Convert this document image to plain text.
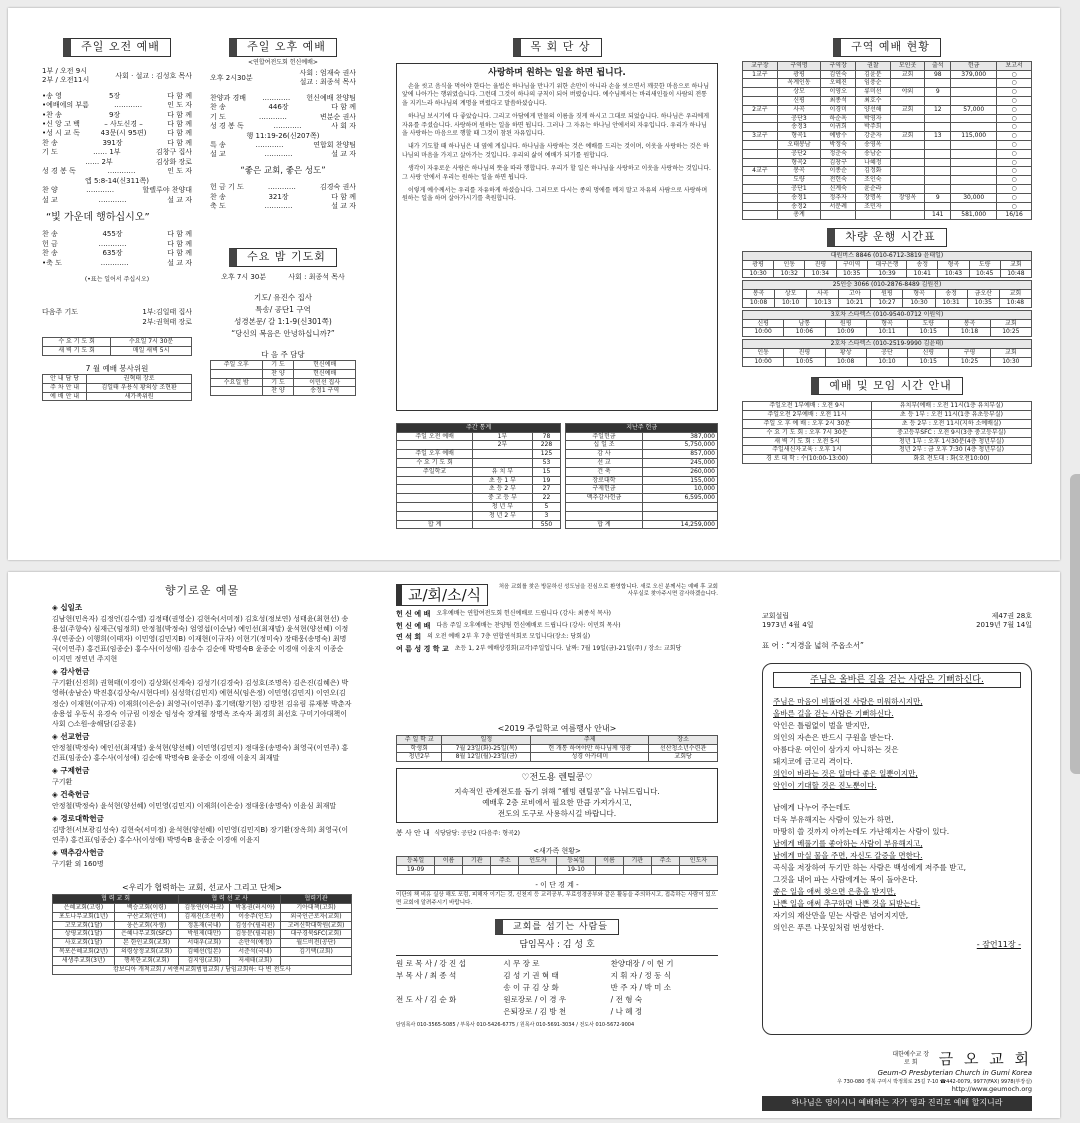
주일 오전 예배
1부 / 오전 9시
2부 / 오전11시
사회 · 설교 : 김성호 목사
•송 영	5장	다 함 께
•예배에의 부름	…………	인 도 자
•찬 송	9장	다 함 께
•신 앙 고 백	– 사도신경 –	다 함 께
•성 시 교 독	43문(시 95편)	다 함 께
찬 송	391장	다 함 께
기 도	…… 1부	김창구 집사
…… 2부	김상화 장로
성 경 봉 독	…………	인 도 자
엡 5:8-14(신311쪽)
찬 양	…………	할렐루야 찬양대
설 교	…………	설 교 자
“빛 가운데 행하십시오”
찬 송	455장	다 함 께
헌 금	…………	다 함 께
찬 송	635장	다 함 께
•축 도	…………	설 교 자
(•표는 일어서 주십시오)
다음주 기도	1부:김일태 집사
2부:권혁태 장로
수 요 기 도 회	수요일 7시 30분
새 벽 기 도 회	매일 새벽 5시
7 월 예배 봉사위원
안 내 담 당	권혁태 장로
주 차 안 내	김일태 우용식 황의상 조현환
예 배 안 내	새가족위원
주일 오후 예배
<연합여전도회 헌신예배>
오후 2시30분
사회 : 엄재숙 권사
설교 : 최종석 목사
찬양과 경배 ………… 헌신예배 찬양팀
찬 송	446장	다 함 께
기 도	…………	변분순 권사
성 경 봉 독	…………	사 회 자
행 11:19-26(신207쪽)
특 송	…………	연합회 찬양팀
설 교	…………	설 교 자
“좋은 교회, 좋은 성도”
헌 금 기 도	…………	김경숙 권사
찬 송	321장	다 함 께
축 도	…………	설 교 자
수요 밤 기도회
오후 7시 30분	사회 : 최종석 목사
기도/ 유진수 집사
특송/ 공단1 구역
성경본문/ 갈 1:1-9(신301쪽)
“당신의 복음은 안녕하십니까?”
다 음 주 담당
주일 오후	기 도	헌신예배
	찬 양	헌신예배
수요일 밤	기 도	이민선 집사
	찬 양	송정1 구역
목 회 단 상
사랑하며 원하는 일을 하면 됩니다.

손을 씻고 음식을 먹어야 한다는 율법은 하나님을 만나기 위한 손만이 아니라 손을 씻으면서 깨끗한 마음으로 하나님 앞에 나아가는 행위였습니다. 그런데 그것이 하나의 규칙이 되어 버렸습니다. 예수님께서는 바리새인들이 사람의 전통을 지키느라 하나님의 계명을 버렸다고 말씀하셨습니다.

하나님 보시기에 다 좋았습니다. 그리고 아담에게 만물의 이름을 짓게 하시고 그대로 되었습니다. 하나님은 우리에게 자유를 주셨습니다. 사랑하며 원하는 일을 하면 됩니다. 그러나 그 자유는 하나님 안에서의 자유입니다. 우리가 하나님을 사랑하는 마음으로 행할 때 그것이 참된 자유입니다.

내가 기도할 때 하나님은 내 옆에 계십니다. 하나님을 사랑하는 것은 예배를 드리는 것이며, 이웃을 사랑하는 것은 하나님의 마음을 가지고 살아가는 것입니다. 우리의 삶이 예배가 되기를 원합니다.

생각이 자유로운 사람은 하나님의 뜻을 따라 행합니다. 우리가 할 일은 하나님을 사랑하고 이웃을 사랑하는 것입니다. 그 사랑 안에서 우리는 원하는 일을 하면 됩니다.

이렇게 예수께서는 우리를 자유하게 하셨습니다. 그러므로 다시는 종의 멍에를 메지 말고 자유의 사람으로 사랑하며 원하는 일을 하며 살아가시기를 축원합니다.

주간 통계		
주일 오전 예배	1부	78
	2부	228
주일 오후 예배		125
수 요 기 도 회		53
주일학교	유 치 부	15
	초 등 1 부	19
	초 등 2 부	27
	중 고 등 부	22
	청 년 부	5
	청 년 2 부	3
합 계		550
지난주 헌금	
주일헌금	387,000
십 일 조	5,750,000
감 사	857,000
선 교	245,000
건 축	260,000
장로대학	155,000
구제헌금	10,000
맥추감사헌금	6,595,000

합 계	14,259,000
구역 예배 현황
교구장	구역명	구역장	권찰	모인곳	출석	헌금	보고서
1교구	광평	김연숙	김윤분	교회	98	379,000	○
	옥계인동	오혜진	임충순				○
	상모	이영오	류미선	야외	9		○
	신평	최종석	최호수				○
2교구	사곡	이경미	양선해	교회	12	57,000	○
	공단3	하순옥	박영자				○
	송정3	이귀희	박주희				○
3교구	형곡1	예방수	강춘자	교회	13	115,000	○
	오태봉남	박정숙	송영옥				○
	공단2	정춘숙	송남순				○
	형곡2	김창구	나혜정				○
4교구	봉곡	이종순	김정화				○
	도량	전헌숙	조인숙				○
	공단1	신계숙	윤순라				○
	송정1	정추자	장명옥	장영옥	9	30,000	○
	송정2	서분례	조민자				○
	총계				141	581,000	16/16
차량 운행 시간표
대원버스 8846 (010-6712-3819 윤태일)								
광평	인동	진평	구미역	대구은행	송정	형곡	도량	교회
10:30	10:32	10:34	10:35	10:39	10:41	10:43	10:45	10:48
25인승 3066 (010-2876-8489 김원진)								
봉곡	상모	사곡	고아	원평	형곡	송정	금오산	교회
10:08	10:10	10:13	10:21	10:27	10:30	10:31	10:35	10:48
3호차 스타렉스 (010-9540-0712 이원익)						
신평	남통	원평	형곡	도량	봉곡	교회
10:00	10:06	10:09	10:11	10:15	10:18	10:25
2호차 스타렉스 (010-2519-9990 김윤태)						
인동	진평	황상	공단	신평	구평	교회
10:00	10:05	10:08	10:10	10:15	10:25	10:30
예배 및 모임 시간 안내
주일오전 1부예배 : 오전 9시	유치부(예배 : 오전 11시(1층 유치부실)
주일오전 2부예배 : 오전 11시	초 등 1부 : 오전 11시(1층 유초등부실)
주일 오 후 예 배 : 오후 2시 30분	초 등 2부 : 오전 11시(지하 소예배실)
수 요 기 도 회 : 오후 7시 30분	중고등부SFC : 오전 9시(3층 중고등부실)
새 벽 기 도 회 : 오전 5시	청년 1부 : 오후 1시30분(4층 청년부실)
주일새신자교육 : 오후 1시	청년 2부 : 금 오후 7:30 (4층 청년부실)
경 로 대 학 : 수(10:00-13:00)	화요 전도대 : 화(오전10:00)
향기로운 예물
◈ 십일조
김남현(민옥자) 김정언(김수엘) 김정태(권영순) 김현숙(서미정) 김호성(정보연) 성태윤(최현선) 송용섭(주향숙) 심재근(임정희) 안정철(박정숙) 엄영섭(이순남) 예인선(최재말) 윤석현(양선혜) 이정우(연종순) 이행희(이태자) 이민영(김민지B) 이재현(이규자) 이현기(정미숙) 장태웅(송명숙) 최명국(이연주) 홍건표(임종순) 홍수사(이성애) 김송수 김순애 박명숙B 윤종순 이경애 이윤지 이종순 이지민 정연년 주지현
◈ 감사헌금
구기환(신진희) 권혁태(이경이) 김상화(신계숙) 김성기(김경숙) 김성호(조명옥) 김은진(김혜은) 박영하(송남순) 박진흥(김상숙/시현다비) 심성학(김민지) 예현식(임은정) 이민영(김민지) 이연오(김정순) 이재현(이규자) 이재희(이은승) 최영국(이연주) 홍기택(황기현) 김방천 김유림 류재봉 박춘자 송용섭 우동식 유경숙 이규림 이정순 임성숙 장계월 장명옥 조숙자 최경희 최선호 구미기아대책이사회 ○소원-송해담(김공훈)
◈ 선교헌금
안정철(박정숙) 예인선(최재말) 윤석현(양선혜) 이민영(김민지) 정대웅(송명숙) 최영국(이연주) 홍건표(임종순) 홍수사(이성애) 김순애 박명숙B 윤종순 이경애 이윤지 최재말
◈ 구제헌금
구기환
◈ 건축헌금
안정철(박정숙) 윤석현(양선혜) 이민영(김민지) 이재희(이은승) 정대웅(송명숙) 이윤심 최재말
◈ 경로대학헌금
김방천(서보광김성숙) 김현숙(서미정) 윤석현(양선혜) 이민영(김민지B) 장기환(장옥희) 최영국(이연주) 홍건표(임종순) 홍수사(이성애) 박명숙B 윤종순 이경애 이윤지
◈ 맥추감사헌금
구기환 외 160명
<우리가 협력하는 교회, 선교사 그리고 단체>
협 력 교 회		협 력 선 교 사		협력기관
은혜교회(고령)	백승고회(이령)	김동연(이라크)	박홍권(러시아)	기아대책(고회)
포도나무교회(1년)	구산교회(안미)	김재진(조선족)	이송주(인도)	외국인근로자(교회)
고모교회(1달)	웅은교회(자생)	정훈재(국내)	김성수(필리핀)	고려신학대학원(교회)
상평교회(1달)	은혜나무교회(SFC)	박원제(대만)	김동문(필리핀)	대구경북SFC(교회)
사호교회(1달)	본 한인교회(교회)	서대우(교회)	손만석(예정)	월드비전(공단)
목포은혜교회(2년)	의령상정교회(교회)	김혜선(일본)	서준석(국내)	김기택(교회)
새생주교회(3년)	행복한교회(교회)	김지영(교회)	저세태(교회)	
캄보디아 개척교회 / 씨앤씨교회범협교회 / 담임교회하: 다 변 전도사
교/회/소/식	처음 교회를 찾은 방문하신 성도님을 진심으로 환영합니다. 새로 오신 분께서는 예배 후 교회 사무실로 찾아주시면 감사하겠습니다.
헌 신 예 배 오후예배는 연합여전도회 헌신예배로 드립니다 (강사: 최종석 목사)
헌 신 예 배 다음 주일 오후예배는 찬양팀 헌신예배로 드립니다 (강사: 이민희 목사)
연 석 회 의 오전 예배 2부 후 7층 연합연석회로 모입니다(장소: 당회실)
여 름 성 경 학 교 초등 1, 2부 예배상경회(교각)주일입니다. 날짜: 7월 19일(금)-21일(주) / 장소: 교회당
<2019 주일학교 여름행사 안내>
주 일 학 교	일정	주제	장소
학생회	7월 23일(화)-25일(목)	헌 개통 하여야만 하나님께 영광	선산청소년수련관
청년2부	8월 12일(월)-23일(금)	성경 아카데미	교회당
♡전도용 렌틸콩♡
지속적인 관계전도를 돕기 위해 “웰빙 렌틸콩”을 나눠드립니다.
예배후 2층 로비에서 필요한 만큼 가져가시고,
전도의 도구로 사용하시길 바랍니다.
봉 사 안 내 식당담당: 공단2 (다음주: 형곡2)
<새가족 현황>
등록일	이름	기관	주소	인도자	등록일	이름	기관	주소	인도자
19-09					19-10				
- 이 단 경 계 -
이단의 책 비유 실상 해도 포럼, 피해자 이기는 것, 신천지 등 교리공부, 무료성경공부와 같은 활동을 주의하시고, 접촉하는 사람이 있으면 교회에 알려주시기 바랍니다.
교회를 섬기는 사람들
담임목사 : 김 성 호
원 로 목 사 / 강 진 섭	시 무 장 로	찬양대장 / 이 현 기
부 목 사 / 최 종 석	김 성 기 권 혁 태	지 휘 자 / 정 동 식
송 이 규 김 상 화	반 주 자 / 박 미 소
전 도 사 / 김 순 화	원로장로 / 이 경 우	/ 전 형 숙
은퇴장로 / 김 방 천	/ 나 혜 정
담임목사 010-3565-5085 / 부목사 010-5426-6775 / 원목사 010-5691-3034 / 전도사 010-5672-9004
교회설립
1973년 4월 4일
제47권 28호
2019년 7월 14일
표 어 : “지경을 넓혀 주옵소서”
주님은 올바른 길을 걷는 사람은 기뻐하신다.
주님은 마음이 비뚤어진 사람은 미워하시지만,
올바른 길을 걷는 사람은 기뻐하신다.
악인은 틀림없이 벌을 받지만,
의인의 자손은 반드시 구원을 받는다.
아름다운 여인이 삼가지 아니하는 것은
돼지코에 금고리 격이다.
의인이 바라는 것은 일마다 좋은 일뿐이지만,
악인이 기대할 것은 진노뿐이다.
남에게 나누어 주는데도
더욱 부유해지는 사람이 있는가 하면,
마땅히 쓸 것까지 아끼는데도 가난해지는 사람이 있다.
남에게 베풀기를 좋아하는 사람이 부유해지고,
남에게 마실 물을 주면, 자신도 갈증을 면한다.
곡식을 저장하여 두기만 하는 사람은 백성에게 저주를 받고,
그것을 내어 파는 사람에게는 복이 돌아온다.
좋은 일을 애써 찾으면 은총을 받지만,
나쁜 일을 애써 추구하면 나쁜 것을 되받는다.
자기의 재산만을 믿는 사람은 넘어지지만,
의인은 푸른 나뭇잎처럼 번성한다.
- 잠언11장 -
대한예수교 장 로 회	금 오 교 회
Geum-O Presbyterian Church in Gumi Korea
우 730-080 경북 구미시 박정희로 25길 7-10 ☎442-0079, 9977(FAX) 9978(부장실)
http://www.geumoch.org
하나님은 영이시니 예배하는 자가 영과 진리로 예배 할지니라
